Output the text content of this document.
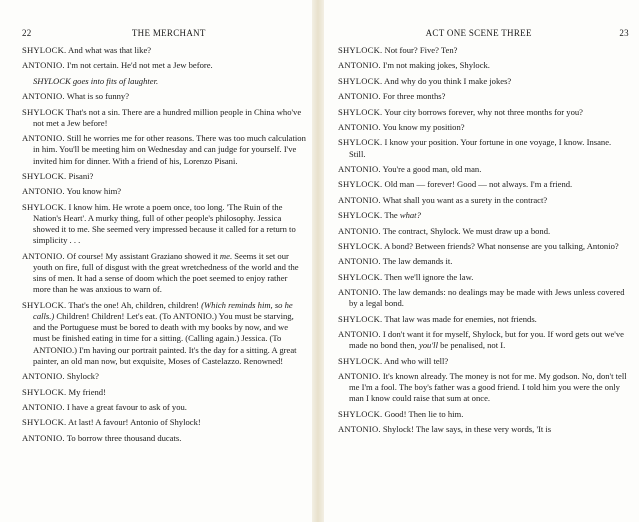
22	THE MERCHANT

SHYLOCK. And what was that like?

ANTONIO. I'm not certain. He'd not met a Jew before.

SHYLOCK goes into fits of laughter.

ANTONIO. What is so funny?

SHYLOCK That's not a sin. There are a hundred million people in China who've not met a Jew before!

ANTONIO. Still he worries me for other reasons. There was too much calculation in him. You'll be meeting him on Wednesday and can judge for yourself. I've invited him for dinner. With a friend of his, Lorenzo Pisani.

SHYLOCK. Pisani?

ANTONIO. You know him?

SHYLOCK. I know him. He wrote a poem once, too long. 'The Ruin of the Nation's Heart'. A murky thing, full of other people's philosophy. Jessica showed it to me. She seemed very impressed because it called for a return to simplicity . . .

ANTONIO. Of course! My assistant Graziano showed it me. Seems it set our youth on fire, full of disgust with the great wretchedness of the world and the sins of men. It had a sense of doom which the poet seemed to enjoy rather more than he was anxious to warn of.

SHYLOCK. That's the one! Ah, children, children! (Which reminds him, so he calls.) Children! Children! Let's eat. (To ANTONIO.) You must be starving, and the Portuguese must be bored to death with my books by now, and we must be finished eating in time for a sitting. (Calling again.) Jessica. (To ANTONIO.) I'm having our portrait painted. It's the day for a sitting. A great painter, an old man now, but exquisite, Moses of Castelazzo. Renowned!

ANTONIO. Shylock?

SHYLOCK. My friend!

ANTONIO. I have a great favour to ask of you.

SHYLOCK. At last! A favour! Antonio of Shylock!

ANTONIO. To borrow three thousand ducats.

ACT ONE SCENE THREE	23

SHYLOCK. Not four? Five? Ten?

ANTONIO. I'm not making jokes, Shylock.

SHYLOCK. And why do you think I make jokes?

ANTONIO. For three months?

SHYLOCK. Your city borrows forever, why not three months for you?

ANTONIO. You know my position?

SHYLOCK. I know your position. Your fortune in one voyage, I know. Insane. Still.

ANTONIO. You're a good man, old man.

SHYLOCK. Old man — forever! Good — not always. I'm a friend.

ANTONIO. What shall you want as a surety in the contract?

SHYLOCK. The what?

ANTONIO. The contract, Shylock. We must draw up a bond.

SHYLOCK. A bond? Between friends? What nonsense are you talking, Antonio?

ANTONIO. The law demands it.

SHYLOCK. Then we'll ignore the law.

ANTONIO. The law demands: no dealings may be made with Jews unless covered by a legal bond.

SHYLOCK. That law was made for enemies, not friends.

ANTONIO. I don't want it for myself, Shylock, but for you. If word gets out we've made no bond then, you'll be penalised, not I.

SHYLOCK. And who will tell?

ANTONIO. It's known already. The money is not for me. My godson. No, don't tell me I'm a fool. The boy's father was a good friend. I told him you were the only man I know could raise that sum at once.

SHYLOCK. Good! Then lie to him.

ANTONIO. Shylock! The law says, in these very words, 'It is
